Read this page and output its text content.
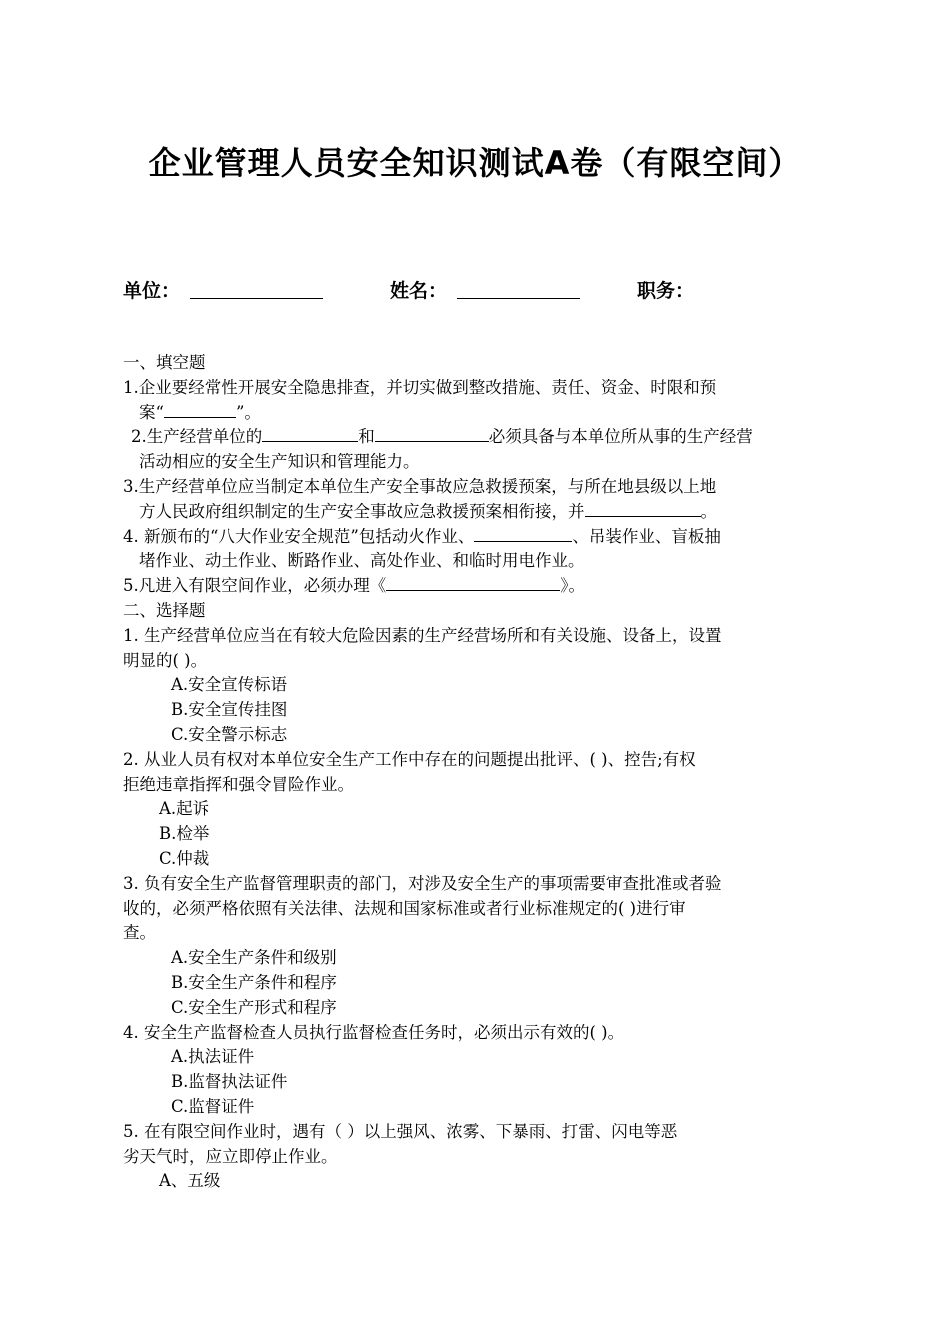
企业管理人员安全知识测试A卷（有限空间）
单位：	姓名：	职务：
一、填空题
1.企业要经常性开展安全隐患排查，并切实做到整改措施、责任、资金、时限和预
案“	”。
2.生产经营单位的	和	必须具备与本单位所从事的生产经营
活动相应的安全生产知识和管理能力。
3.生产经营单位应当制定本单位生产安全事故应急救援预案，与所在地县级以上地
方人民政府组织制定的生产安全事故应急救援预案相衔接，并	。
4. 新颁布的“八大作业安全规范”包括动火作业、	、吊装作业、盲板抽
堵作业、动土作业、断路作业、高处作业、和临时用电作业。
5.凡进入有限空间作业，必须办理《	》。
二、选择题
1. 生产经营单位应当在有较大危险因素的生产经营场所和有关设施、设备上，设置
明显的( )。
A.安全宣传标语
B.安全宣传挂图
C.安全警示标志
2. 从业人员有权对本单位安全生产工作中存在的问题提出批评、( )、控告;有权
拒绝违章指挥和强令冒险作业。
A.起诉
B.检举
C.仲裁
3. 负有安全生产监督管理职责的部门，对涉及安全生产的事项需要审查批准或者验
收的，必须严格依照有关法律、法规和国家标准或者行业标准规定的( )进行审
查。
A.安全生产条件和级别
B.安全生产条件和程序
C.安全生产形式和程序
4. 安全生产监督检查人员执行监督检查任务时，必须出示有效的( )。
A.执法证件
B.监督执法证件
C.监督证件
5. 在有限空间作业时，遇有（ ）以上强风、浓雾、下暴雨、打雷、闪电等恶
劣天气时，应立即停止作业。
A、五级
